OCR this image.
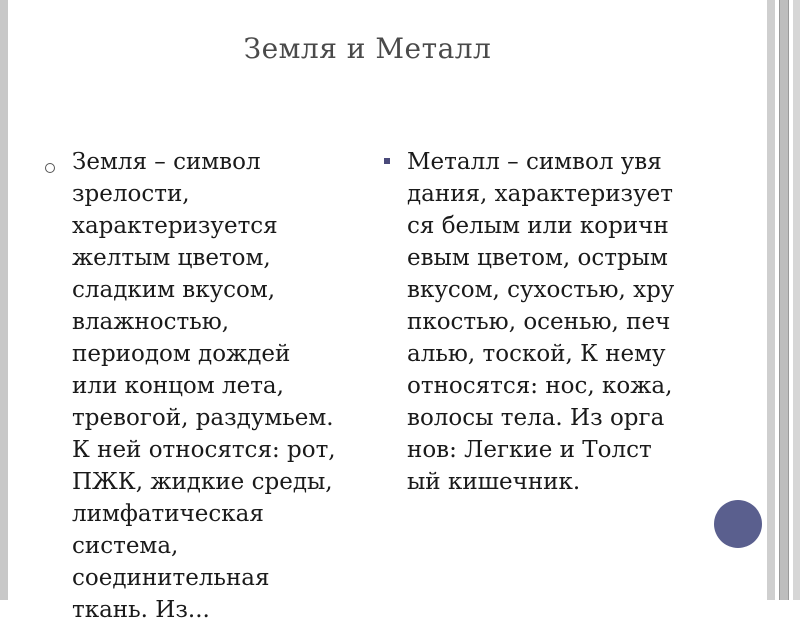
Земля и Металл
Земля – символ
зрелости,
характеризуется
желтым цветом,
сладким вкусом,
влажностью,
периодом дождей
или концом лета,
тревогой, раздумьем.
К ней относятся: рот,
ПЖК, жидкие среды,
лимфатическая
система,
соединительная
ткань. Из...
Металл – символ увя
дания, характеризует
ся белым или коричн
евым цветом, острым
вкусом, сухостью, хру
пкостью, осенью, печ
алью, тоской, К нему
относятся: нос, кожа,
волосы тела. Из орга
нов: Легкие и Толст
ый кишечник.
